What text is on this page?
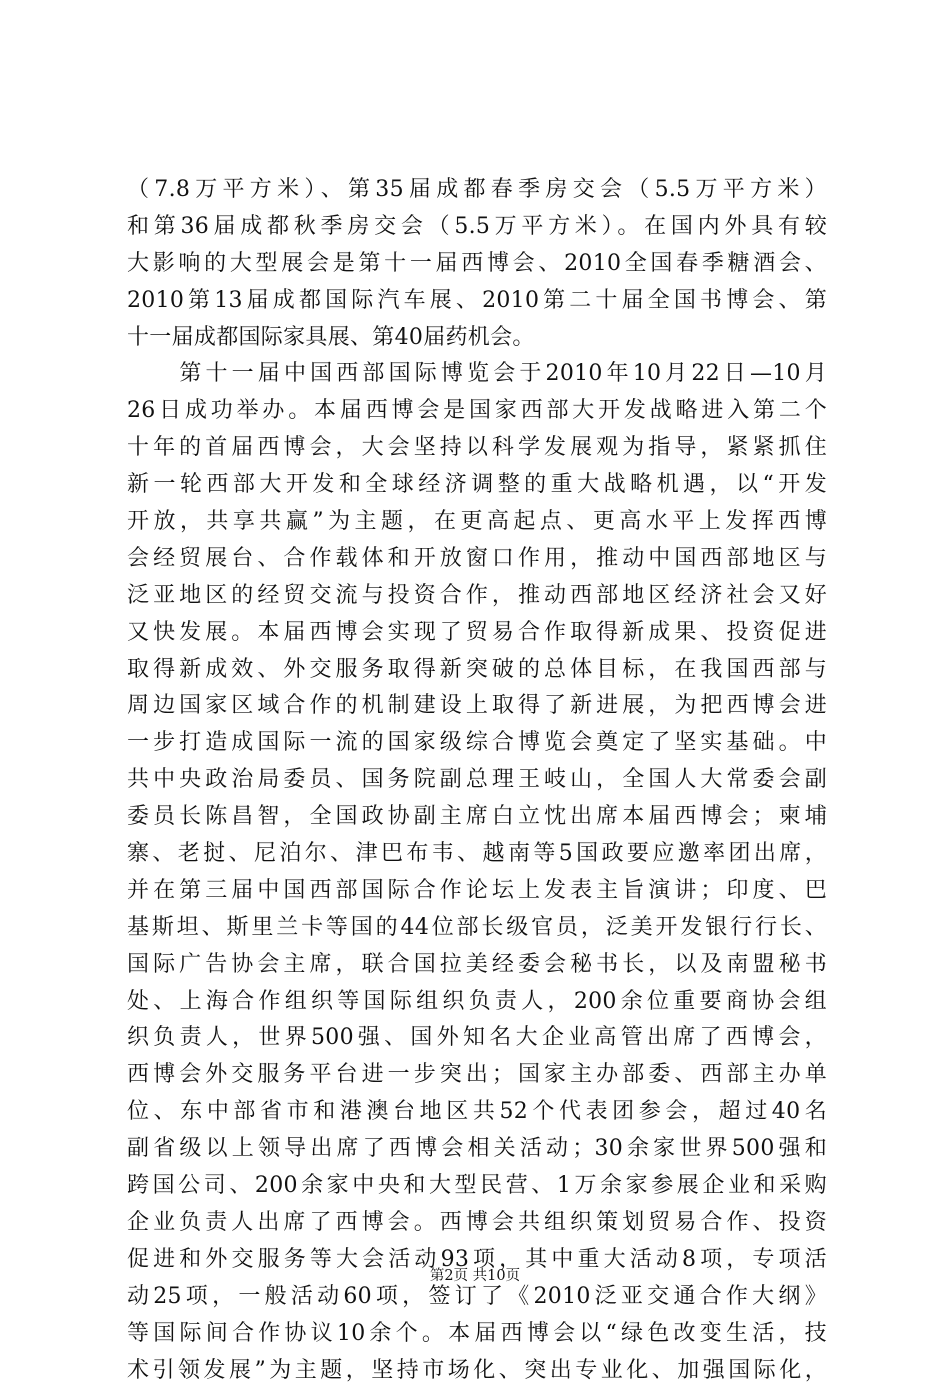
（7.8万平方米）、第35届成都春季房交会（5.5万平方米）
和第36届成都秋季房交会（5.5万平方米）。在国内外具有较
大影响的大型展会是第十一届西博会、2010全国春季糖酒会、
2010第13届成都国际汽车展、2010第二十届全国书博会、第
十一届成都国际家具展、第40届药机会。
　　第十一届中国西部国际博览会于2010年10月22日—10月
26日成功举办。本届西博会是国家西部大开发战略进入第二个
十年的首届西博会，大会坚持以科学发展观为指导，紧紧抓住
新一轮西部大开发和全球经济调整的重大战略机遇，以“开发
开放，共享共赢”为主题，在更高起点、更高水平上发挥西博
会经贸展台、合作载体和开放窗口作用，推动中国西部地区与
泛亚地区的经贸交流与投资合作，推动西部地区经济社会又好
又快发展。本届西博会实现了贸易合作取得新成果、投资促进
取得新成效、外交服务取得新突破的总体目标，在我国西部与
周边国家区域合作的机制建设上取得了新进展，为把西博会进
一步打造成国际一流的国家级综合博览会奠定了坚实基础。中
共中央政治局委员、国务院副总理王岐山，全国人大常委会副
委员长陈昌智，全国政协副主席白立忱出席本届西博会；柬埔
寨、老挝、尼泊尔、津巴布韦、越南等5国政要应邀率团出席，
并在第三届中国西部国际合作论坛上发表主旨演讲；印度、巴
基斯坦、斯里兰卡等国的44位部长级官员，泛美开发银行行长、
国际广告协会主席，联合国拉美经委会秘书长，以及南盟秘书
处、上海合作组织等国际组织负责人，200余位重要商协会组
织负责人，世界500强、国外知名大企业高管出席了西博会，
西博会外交服务平台进一步突出；国家主办部委、西部主办单
位、东中部省市和港澳台地区共52个代表团参会，超过40名
副省级以上领导出席了西博会相关活动；30余家世界500强和
跨国公司、200余家中央和大型民营、1万余家参展企业和采购
企业负责人出席了西博会。西博会共组织策划贸易合作、投资
促进和外交服务等大会活动93项，其中重大活动8项，专项活
动25项，一般活动60项，签订了《2010泛亚交通合作大纲》
等国际间合作协议10余个。本届西博会以“绿色改变生活，技
术引领发展”为主题，坚持市场化、突出专业化、加强国际化，
第2页 共10页
